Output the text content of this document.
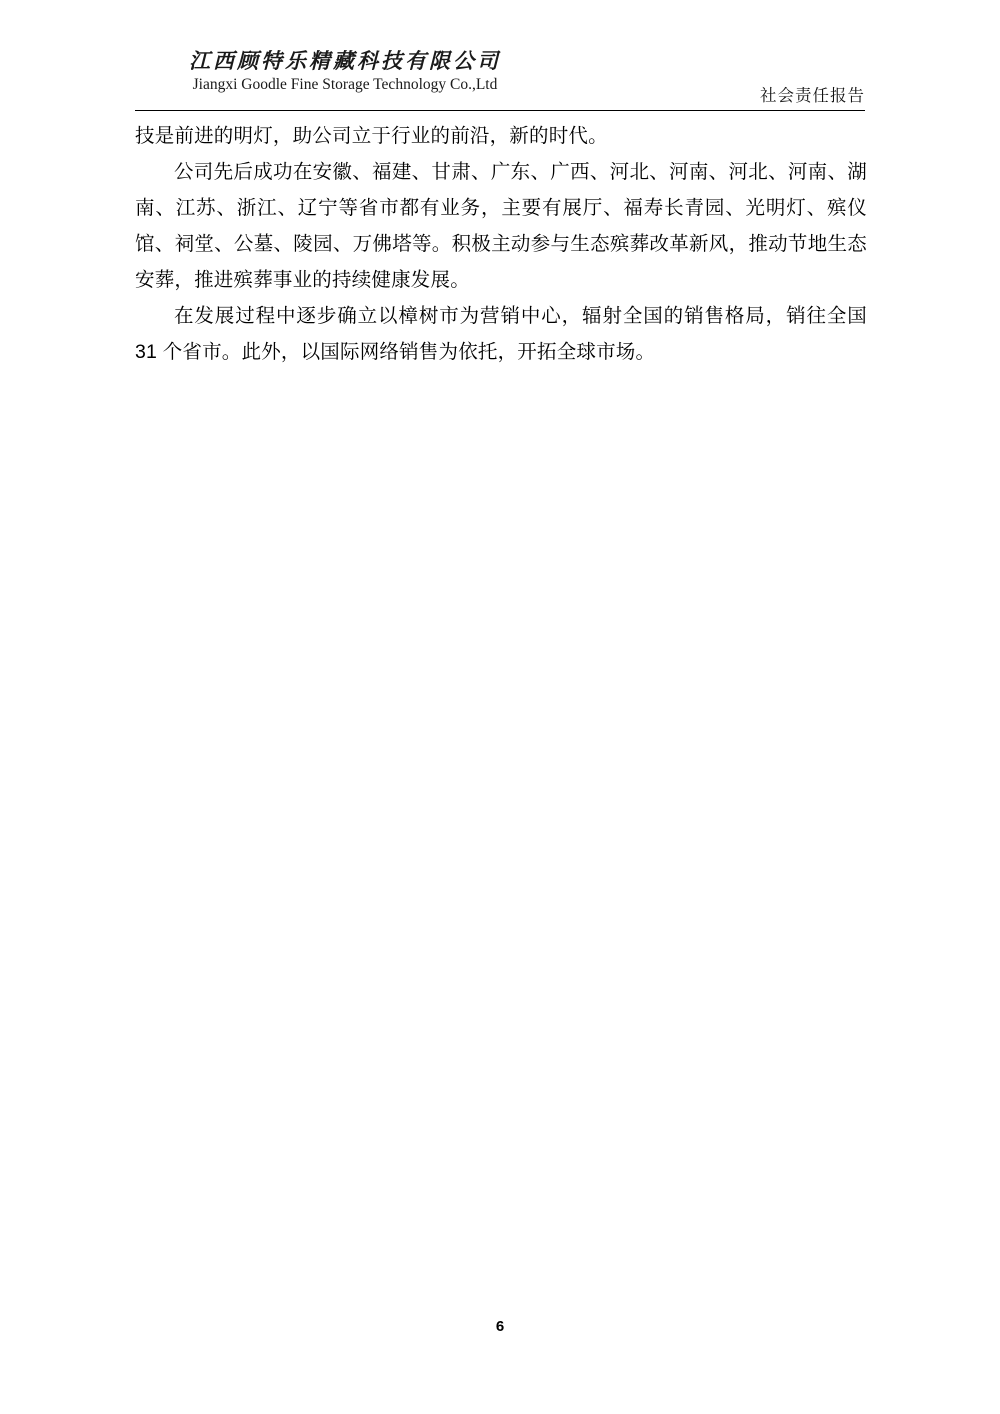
江西顾特乐精藏科技有限公司
Jiangxi Goodle Fine Storage Technology Co.,Ltd
社会责任报告

技是前进的明灯，助公司立于行业的前沿，新的时代。

公司先后成功在安徽、福建、甘肃、广东、广西、河北、河南、河北、河南、湖南、江苏、浙江、辽宁等省市都有业务，主要有展厅、福寿长青园、光明灯、殡仪馆、祠堂、公墓、陵园、万佛塔等。积极主动参与生态殡葬改革新风，推动节地生态安葬，推进殡葬事业的持续健康发展。

在发展过程中逐步确立以樟树市为营销中心，辐射全国的销售格局，销往全国 31 个省市。此外，以国际网络销售为依托，开拓全球市场。

6
